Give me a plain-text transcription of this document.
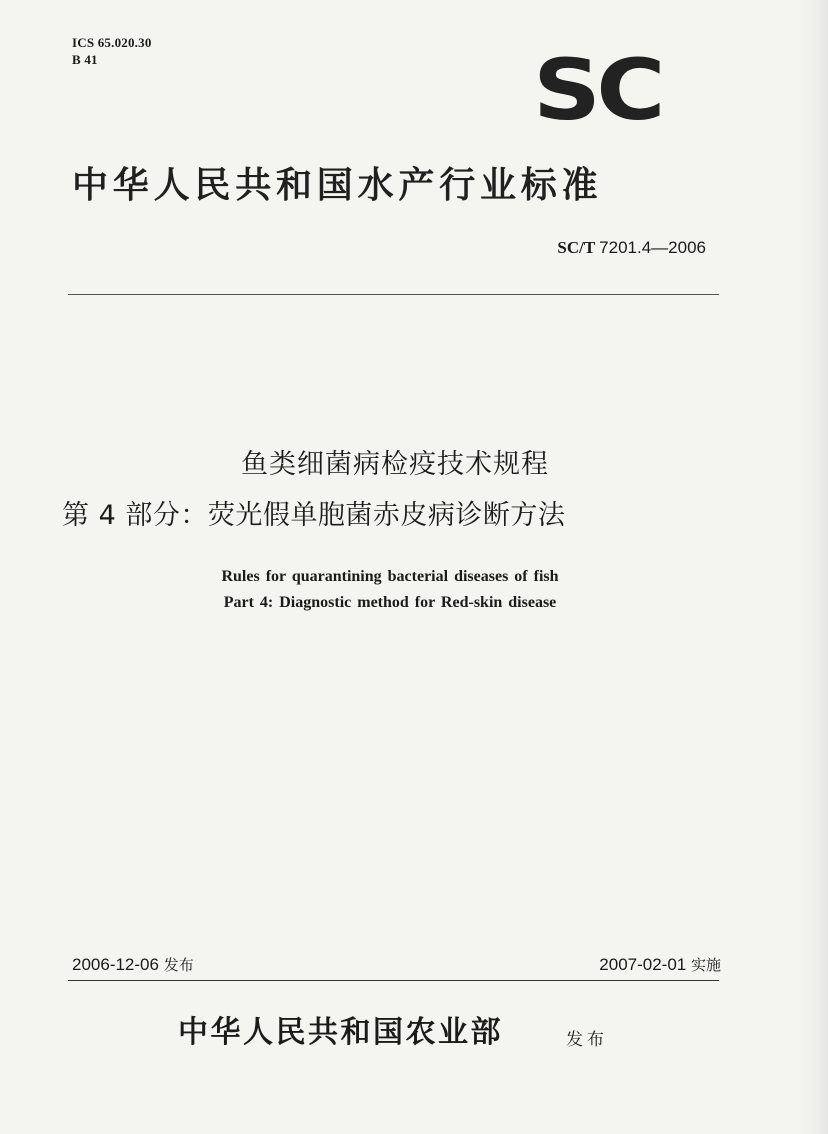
ICS 65.020.30
B 41	SC
中华人民共和国水产行业标准
SC/T 7201.4—2006
鱼类细菌病检疫技术规程
第 4 部分：荧光假单胞菌赤皮病诊断方法
Rules for quarantining bacterial diseases of fish
Part 4: Diagnostic method for Red-skin disease
2006-12-06 发布	2007-02-01 实施
中华人民共和国农业部	发布
